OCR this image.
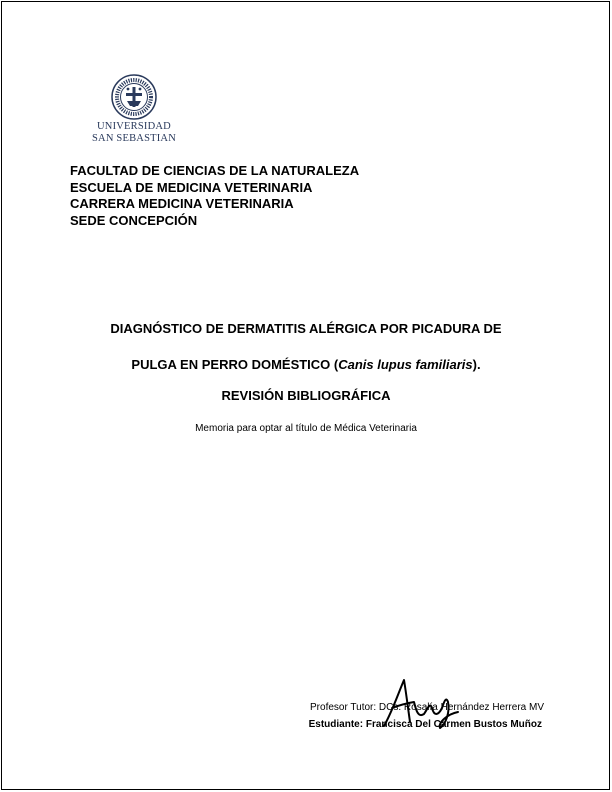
UNIVERSIDAD
SAN SEBASTIAN
FACULTAD DE CIENCIAS DE LA NATURALEZA
ESCUELA DE MEDICINA VETERINARIA
CARRERA MEDICINA VETERINARIA
SEDE CONCEPCIÓN
DIAGNÓSTICO DE DERMATITIS ALÉRGICA POR PICADURA DE
PULGA EN PERRO DOMÉSTICO (Canis lupus familiaris).
REVISIÓN BIBLIOGRÁFICA
Memoria para optar al título de Médica Veterinaria
Profesor Tutor: DCs. Rosalía Hernández Herrera MV
Estudiante: Francisca Del Carmen Bustos Muñoz
